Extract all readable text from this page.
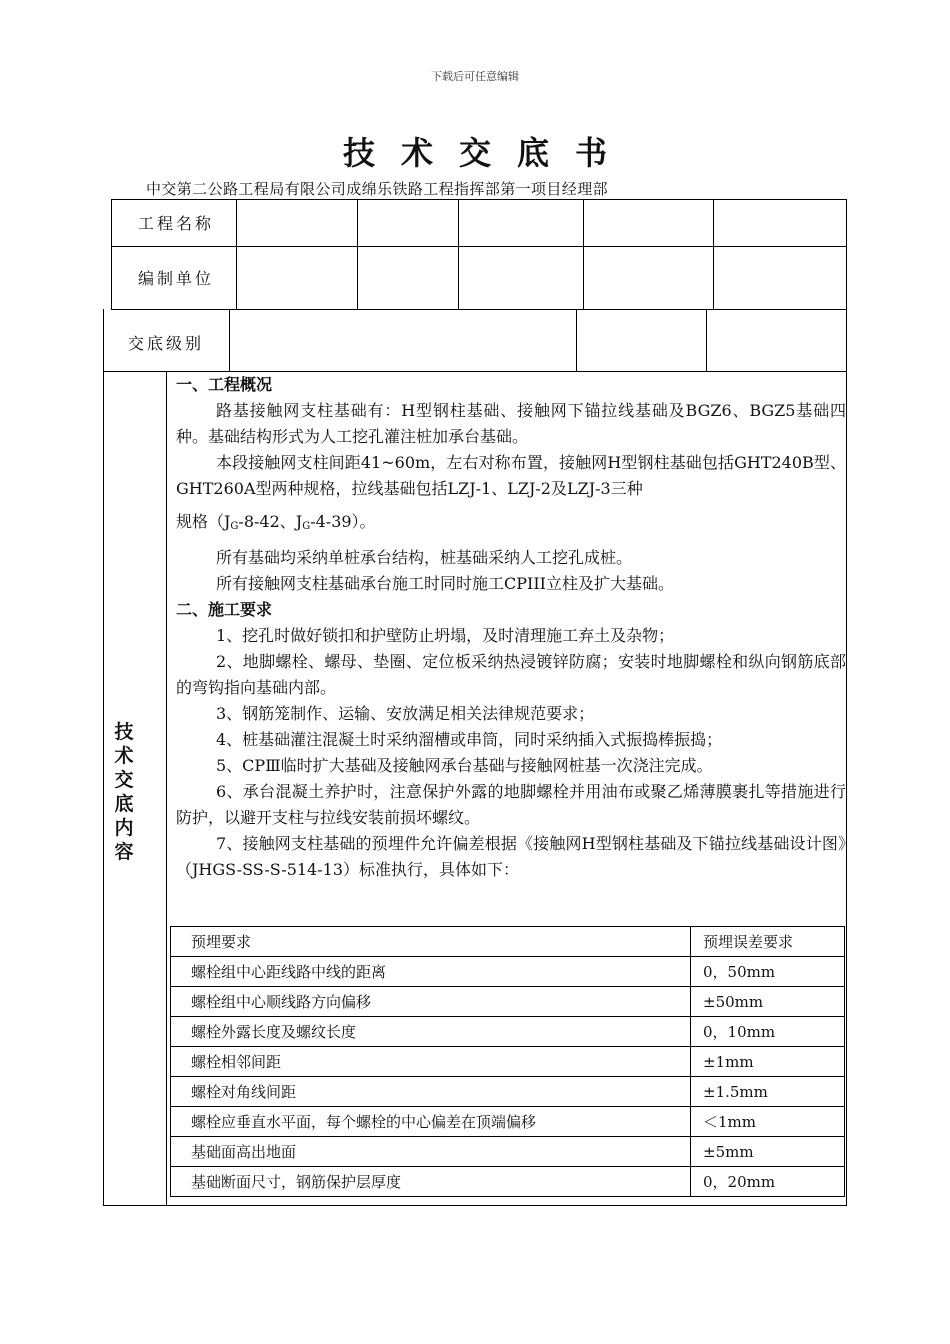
下载后可任意编辑
技术交底书
中交第二公路工程局有限公司成绵乐铁路工程指挥部第一项目经理部
工程名称
编制单位
交底级别
技
术
交
底
内
容

一、工程概况

路基接触网支柱基础有：H型钢柱基础、接触网下锚拉线基础及BGZ6、BGZ5基础四种。基础结构形式为人工挖孔灌注桩加承台基础。

本段接触网支柱间距41~60m，左右对称布置，接触网H型钢柱基础包括GHT240B型、GHT260A型两种规格，拉线基础包括LZJ-1、LZJ-2及LZJ-3三种

规格（$J_G-8-42$、$J_G-4-39$）。

所有基础均采纳单桩承台结构，桩基础采纳人工挖孔成桩。

所有接触网支柱基础承台施工时同时施工CPIII立柱及扩大基础。

二、施工要求

1、挖孔时做好锁扣和护壁防止坍塌，及时清理施工弃土及杂物；

2、地脚螺栓、螺母、垫圈、定位板采纳热浸镀锌防腐；安装时地脚螺栓和纵向钢筋底部的弯钩指向基础内部。

3、钢筋笼制作、运输、安放满足相关法律规范要求；

4、桩基础灌注混凝土时采纳溜槽或串筒，同时采纳插入式振捣棒振捣；

5、CPⅢ临时扩大基础及接触网承台基础与接触网桩基一次浇注完成。

6、承台混凝土养护时，注意保护外露的地脚螺栓并用油布或聚乙烯薄膜裹扎等措施进行防护，以避开支柱与拉线安装前损坏螺纹。

7、接触网支柱基础的预埋件允许偏差根据《接触网H型钢柱基础及下锚拉线基础设计图》（JHGS-SS-S-514-13）标准执行，具体如下：

预埋要求	预埋误差要求
螺栓组中心距线路中线的距离	0，50mm
螺栓组中心顺线路方向偏移	±50mm
螺栓外露长度及螺纹长度	0，10mm
螺栓相邻间距	±1mm
螺栓对角线间距	±1.5mm
螺栓应垂直水平面，每个螺栓的中心偏差在顶端偏移	＜1mm
基础面高出地面	±5mm
基础断面尺寸，钢筋保护层厚度	0，20mm
